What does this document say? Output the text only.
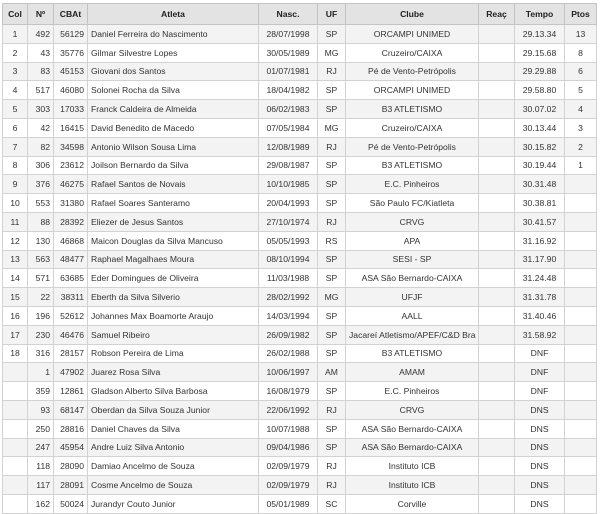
Col	Nº	CBAt	Atleta	Nasc.	UF	Clube	Reaç	Tempo	Ptos
1	492	56129	Daniel Ferreira do Nascimento	28/07/1998	SP	ORCAMPI UNIMED		29.13.34	13
2	43	35776	Gilmar Silvestre Lopes	30/05/1989	MG	Cruzeiro/CAIXA		29.15.68	8
3	83	45153	Giovani dos Santos	01/07/1981	RJ	Pé de Vento-Petrópolis		29.29.88	6
4	517	46080	Solonei Rocha da Silva	18/04/1982	SP	ORCAMPI UNIMED		29.58.80	5
5	303	17033	Franck Caldeira de Almeida	06/02/1983	SP	B3 ATLETISMO		30.07.02	4
6	42	16415	David Benedito de Macedo	07/05/1984	MG	Cruzeiro/CAIXA		30.13.44	3
7	82	34598	Antonio Wilson Sousa Lima	12/08/1989	RJ	Pé de Vento-Petrópolis		30.15.82	2
8	306	23612	Joilson Bernardo da Silva	29/08/1987	SP	B3 ATLETISMO		30.19.44	1
9	376	46275	Rafael Santos de Novais	10/10/1985	SP	E.C. Pinheiros		30.31.48	
10	553	31380	Rafael Soares Santeramo	20/04/1993	SP	São Paulo FC/Kiatleta		30.38.81	
11	88	28392	Eliezer de Jesus Santos	27/10/1974	RJ	CRVG		30.41.57	
12	130	46868	Maicon Douglas da Silva Mancuso	05/05/1993	RS	APA		31.16.92	
13	563	48477	Raphael Magalhaes Moura	08/10/1994	SP	SESI - SP		31.17.90	
14	571	63685	Eder Domingues de Oliveira	11/03/1988	SP	ASA São Bernardo-CAIXA		31.24.48	
15	22	38311	Eberth da Silva Silverio	28/02/1992	MG	UFJF		31.31.78	
16	196	52612	Johannes Max Boamorte Araujo	14/03/1994	SP	AALL		31.40.46	
17	230	46476	Samuel Ribeiro	26/09/1982	SP	Jacareí Atletismo/APEF/C&D Bra		31.58.92	
18	316	28157	Robson Pereira de Lima	26/02/1988	SP	B3 ATLETISMO		DNF	
	1	47902	Juarez Rosa Silva	10/06/1997	AM	AMAM		DNF	
	359	12861	Gladson Alberto Silva Barbosa	16/08/1979	SP	E.C. Pinheiros		DNF	
	93	68147	Oberdan da Silva Souza Junior	22/06/1992	RJ	CRVG		DNS	
	250	28816	Daniel Chaves da Silva	10/07/1988	SP	ASA São Bernardo-CAIXA		DNS	
	247	45954	Andre Luiz Silva Antonio	09/04/1986	SP	ASA São Bernardo-CAIXA		DNS	
	118	28090	Damiao Ancelmo de Souza	02/09/1979	RJ	Instituto ICB		DNS	
	117	28091	Cosme Ancelmo de Souza	02/09/1979	RJ	Instituto ICB		DNS	
	162	50024	Jurandyr Couto Junior	05/01/1989	SC	Corville		DNS	
